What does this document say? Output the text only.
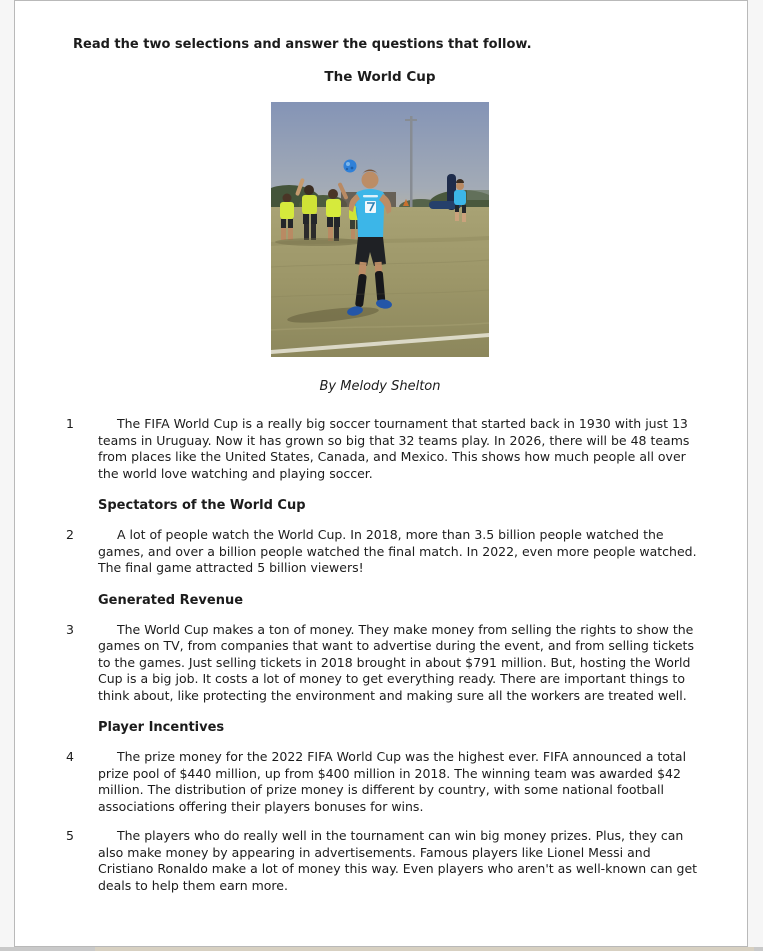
Read the two selections and answer the questions that follow.
The World Cup
By Melody Shelton
1	The FIFA World Cup is a really big soccer tournament that started back in 1930 with just 13 teams in Uruguay. Now it has grown so big that 32 teams play. In 2026, there will be 48 teams from places like the United States, Canada, and Mexico. This shows how much people all over the world love watching and playing soccer.

Spectators of the World Cup
2	A lot of people watch the World Cup. In 2018, more than 3.5 billion people watched the games, and over a billion people watched the final match. In 2022, even more people watched. The final game attracted 5 billion viewers!

Generated Revenue
3	The World Cup makes a ton of money. They make money from selling the rights to show the games on TV, from companies that want to advertise during the event, and from selling tickets to the games. Just selling tickets in 2018 brought in about $791 million. But, hosting the World Cup is a big job. It costs a lot of money to get everything ready. There are important things to think about, like protecting the environment and making sure all the workers are treated well.

Player Incentives
4	The prize money for the 2022 FIFA World Cup was the highest ever. FIFA announced a total prize pool of $440 million, up from $400 million in 2018. The winning team was awarded $42 million. The distribution of prize money is different by country, with some national football associations offering their players bonuses for wins.

5	The players who do really well in the tournament can win big money prizes. Plus, they can also make money by appearing in advertisements. Famous players like Lionel Messi and Cristiano Ronaldo make a lot of money this way. Even players who aren't as well-known can get deals to help them earn more.
